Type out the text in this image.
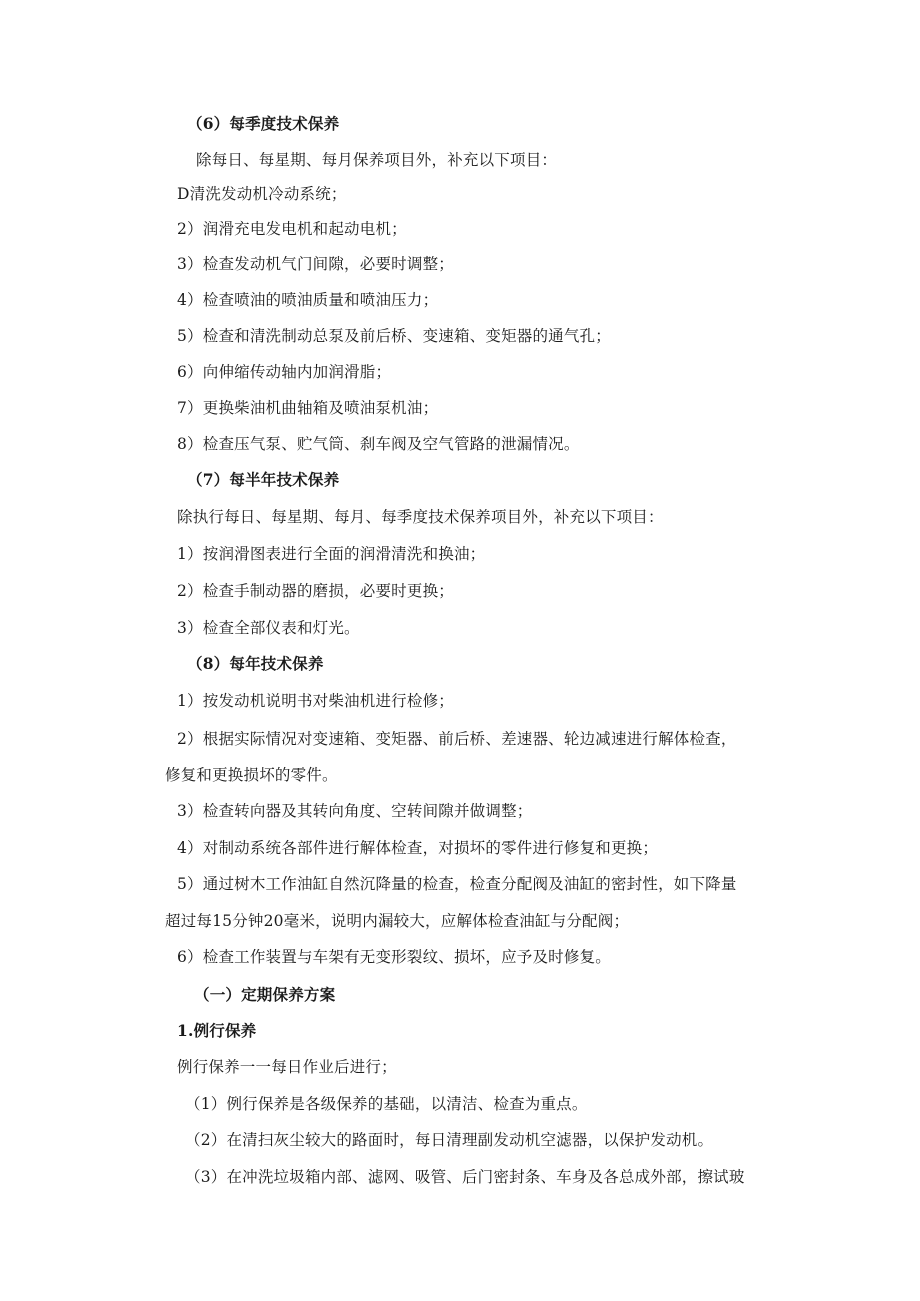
（6）每季度技术保养
除每日、每星期、每月保养项目外，补充以下项目：
D清洗发动机冷动系统；
2）润滑充电发电机和起动电机；
3）检查发动机气门间隙，必要时调整；
4）检查喷油的喷油质量和喷油压力；
5）检查和清洗制动总泵及前后桥、变速箱、变矩器的通气孔；
6）向伸缩传动轴内加润滑脂；
7）更换柴油机曲轴箱及喷油泵机油；
8）检查压气泵、贮气筒、刹车阀及空气管路的泄漏情况。
（7）每半年技术保养
除执行每日、每星期、每月、每季度技术保养项目外，补充以下项目：
1）按润滑图表进行全面的润滑清洗和换油；
2）检查手制动器的磨损，必要时更换；
3）检查全部仪表和灯光。
（8）每年技术保养
1）按发动机说明书对柴油机进行检修；
2）根据实际情况对变速箱、变矩器、前后桥、差速器、轮边减速进行解体检查，
修复和更换损坏的零件。
3）检查转向器及其转向角度、空转间隙并做调整；
4）对制动系统各部件进行解体检查，对损坏的零件进行修复和更换；
5）通过树木工作油缸自然沉降量的检查，检查分配阀及油缸的密封性，如下降量
超过每15分钟20毫米，说明内漏较大，应解体检查油缸与分配阀；
6）检查工作装置与车架有无变形裂纹、损坏，应予及时修复。
（一）定期保养方案
1.例行保养
例行保养一一每日作业后进行；
（1）例行保养是各级保养的基础，以清洁、检查为重点。
（2）在清扫灰尘较大的路面时，每日清理副发动机空滤器，以保护发动机。
（3）在冲洗垃圾箱内部、滤网、吸管、后门密封条、车身及各总成外部，擦试玻
